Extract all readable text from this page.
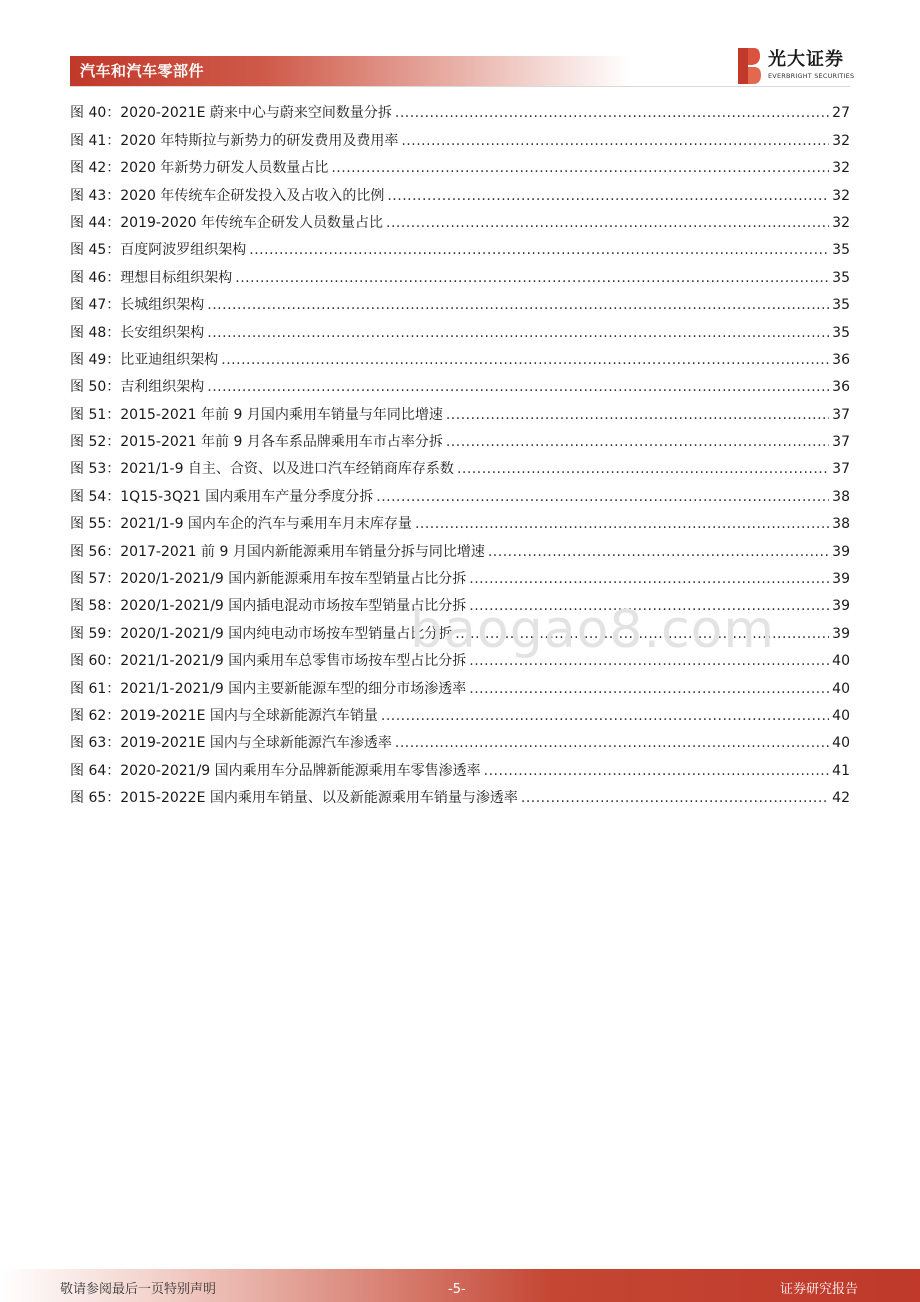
汽车和汽车零部件
光大证券
EVERBRIGHT SECURITIES
图 40：2020-2021E 蔚来中心与蔚来空间数量分拆 .....	27
图 41：2020 年特斯拉与新势力的研发费用及费用率 .....	32
图 42：2020 年新势力研发人员数量占比 .....	32
图 43：2020 年传统车企研发投入及占收入的比例 .....	32
图 44：2019-2020 年传统车企研发人员数量占比 .....	32
图 45：百度阿波罗组织架构 .....	35
图 46：理想目标组织架构 .....	35
图 47：长城组织架构 .....	35
图 48：长安组织架构 .....	35
图 49：比亚迪组织架构 .....	36
图 50：吉利组织架构 .....	36
图 51：2015-2021 年前 9 月国内乘用车销量与年同比增速 .....	37
图 52：2015-2021 年前 9 月各车系品牌乘用车市占率分拆 .....	37
图 53：2021/1-9 自主、合资、以及进口汽车经销商库存系数 .....	37
图 54：1Q15-3Q21 国内乘用车产量分季度分拆 .....	38
图 55：2021/1-9 国内车企的汽车与乘用车月末库存量 .....	38
图 56：2017-2021 前 9 月国内新能源乘用车销量分拆与同比增速 .....	39
图 57：2020/1-2021/9 国内新能源乘用车按车型销量占比分拆 .....	39
图 58：2020/1-2021/9 国内插电混动市场按车型销量占比分拆 .....	39
图 59：2020/1-2021/9 国内纯电动市场按车型销量占比分拆 .....	39
图 60：2021/1-2021/9 国内乘用车总零售市场按车型占比分拆 .....	40
图 61：2021/1-2021/9 国内主要新能源车型的细分市场渗透率 .....	40
图 62：2019-2021E 国内与全球新能源汽车销量 .....	40
图 63：2019-2021E 国内与全球新能源汽车渗透率 .....	40
图 64：2020-2021/9 国内乘用车分品牌新能源乘用车零售渗透率 .....	41
图 65：2015-2022E 国内乘用车销量、以及新能源乘用车销量与渗透率 .....	42
baogao8.com
敬请参阅最后一页特别声明	-5-	证券研究报告
